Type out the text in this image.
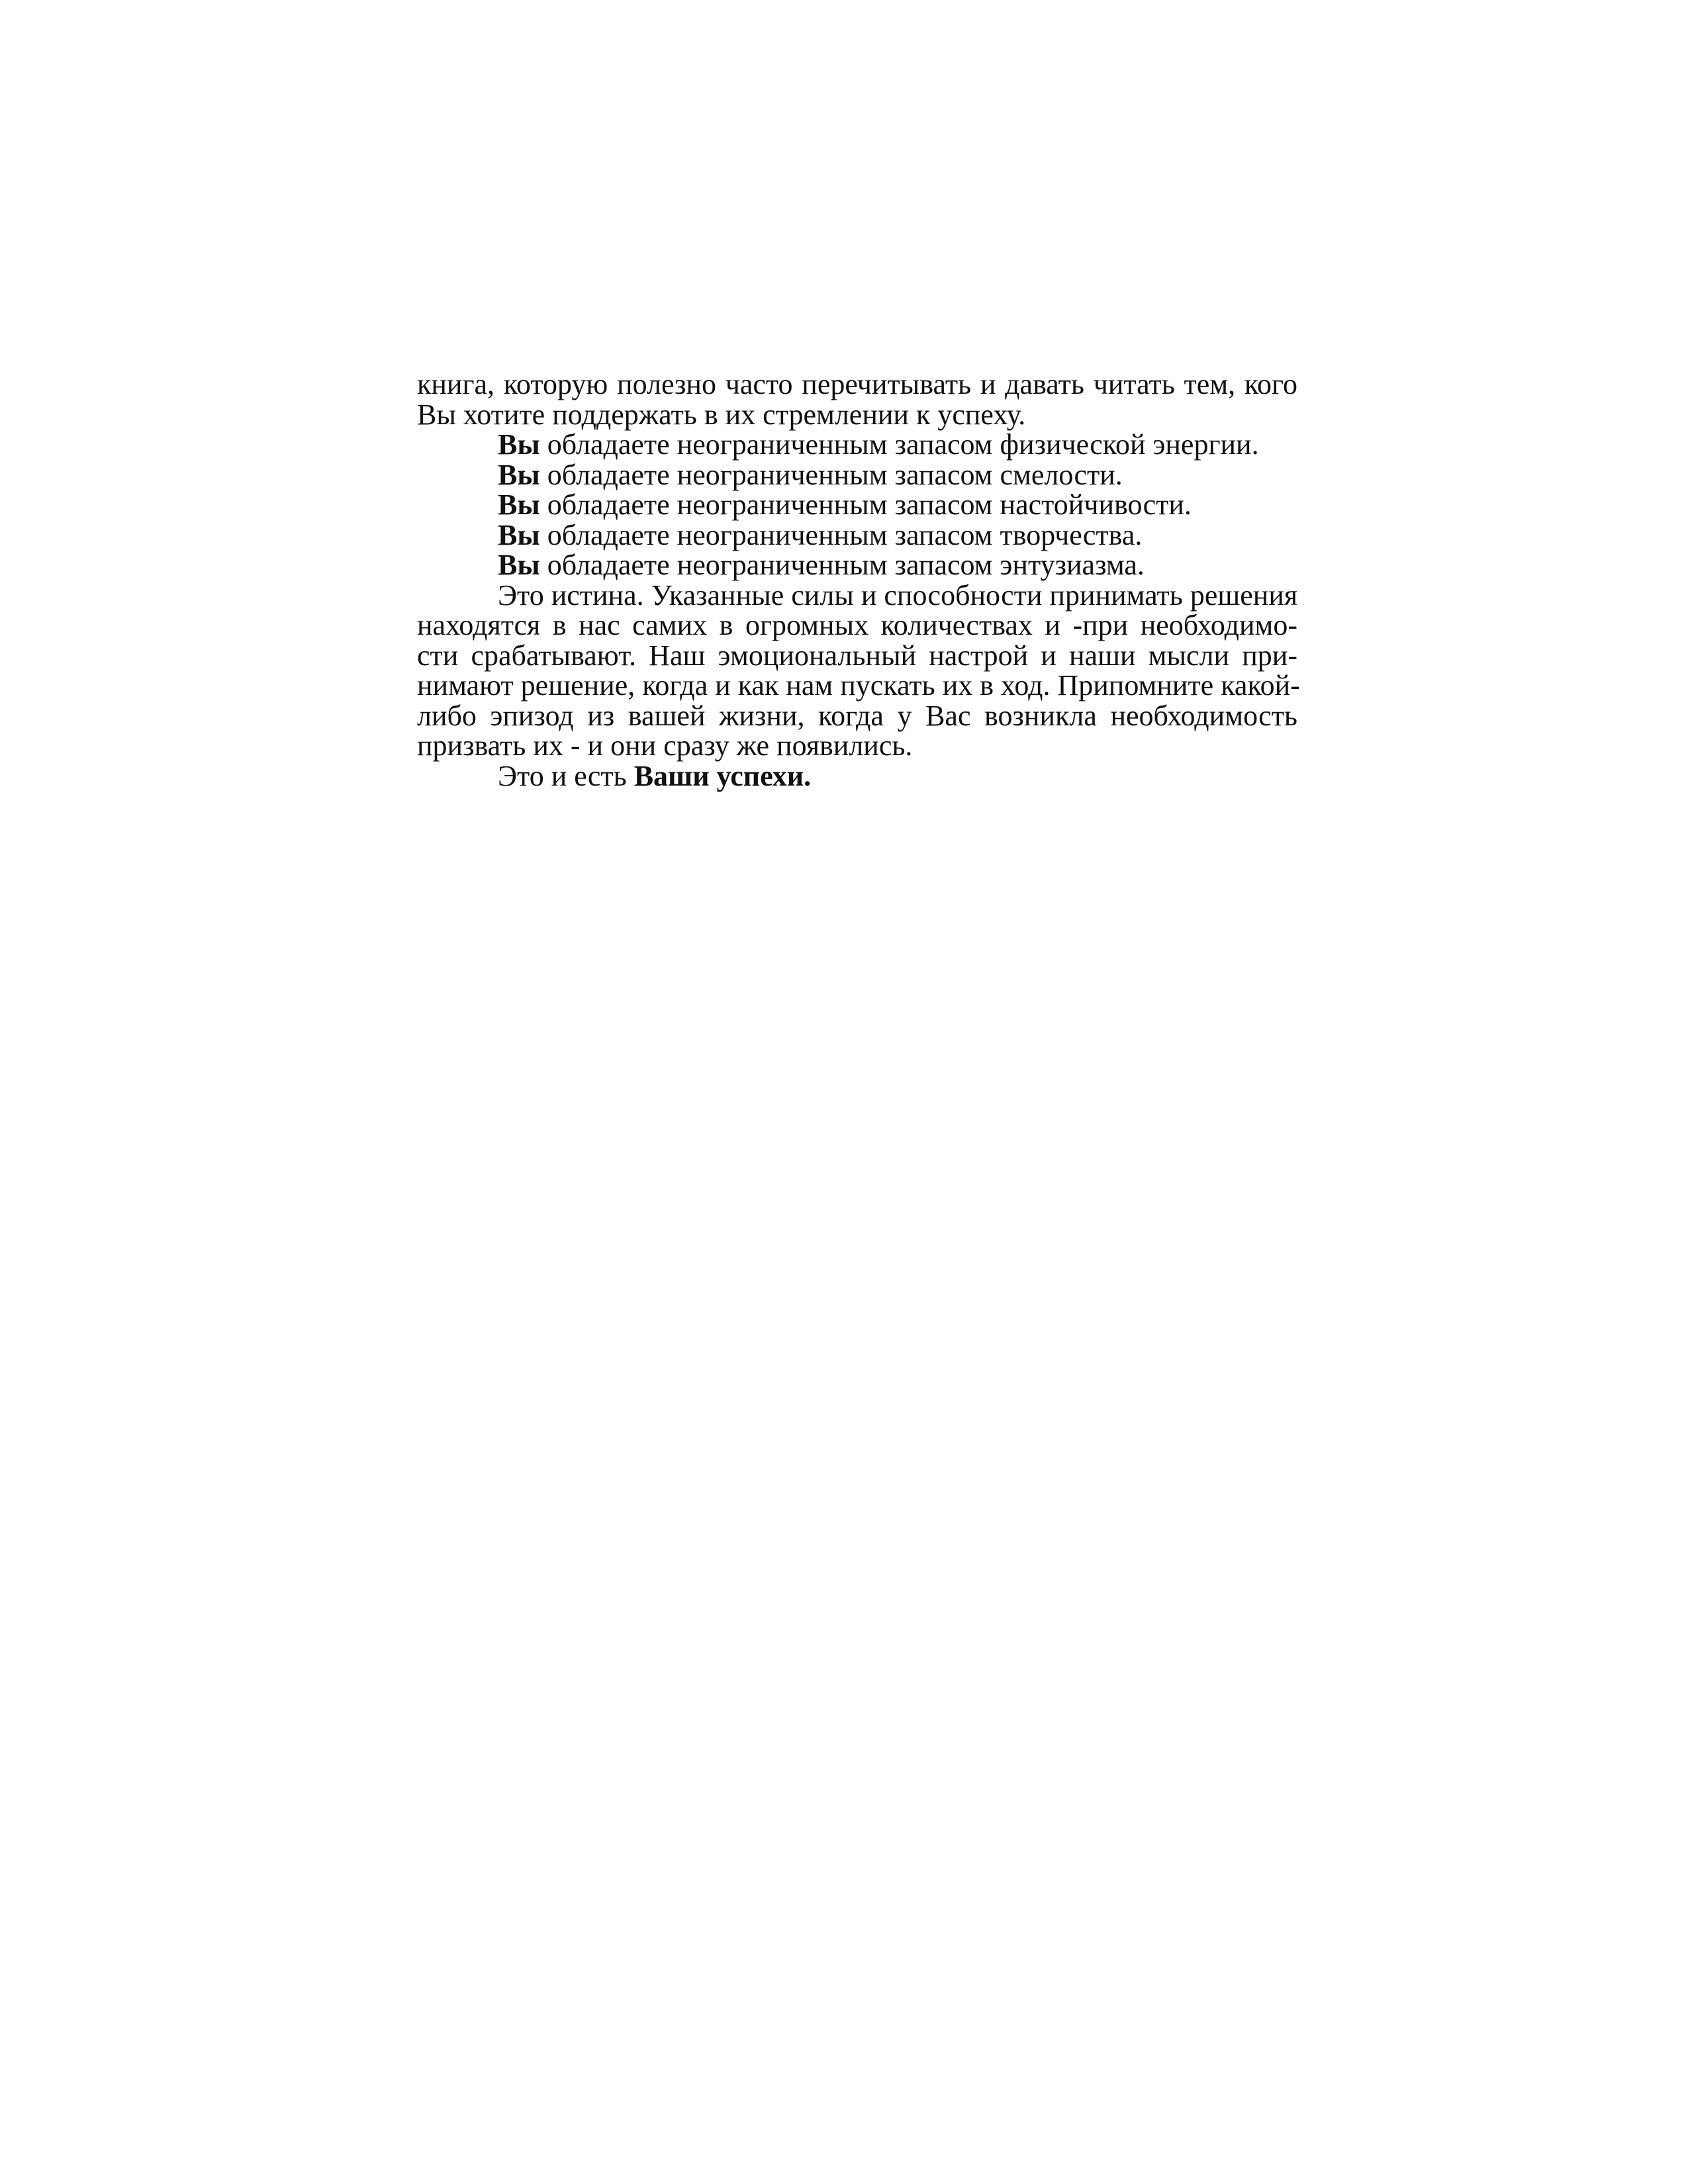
книга, которую полезно часто перечитывать и давать читать тем, кого
Вы хотите поддержать в их стремлении к успеху.
Вы обладаете неограниченным запасом физической энергии.
Вы обладаете неограниченным запасом смелости.
Вы обладаете неограниченным запасом настойчивости.
Вы обладаете неограниченным запасом творчества.
Вы обладаете неограниченным запасом энтузиазма.
Это истина. Указанные силы и способности принимать решения
находятся в нас самих в огромных количествах и -при необходимо-
сти срабатывают. Наш эмоциональный настрой и наши мысли при-
нимают решение, когда и как нам пускать их в ход. Припомните какой-
либо эпизод из вашей жизни, когда у Вас возникла необходимость
призвать их - и они сразу же появились.
Это и есть Ваши успехи.
